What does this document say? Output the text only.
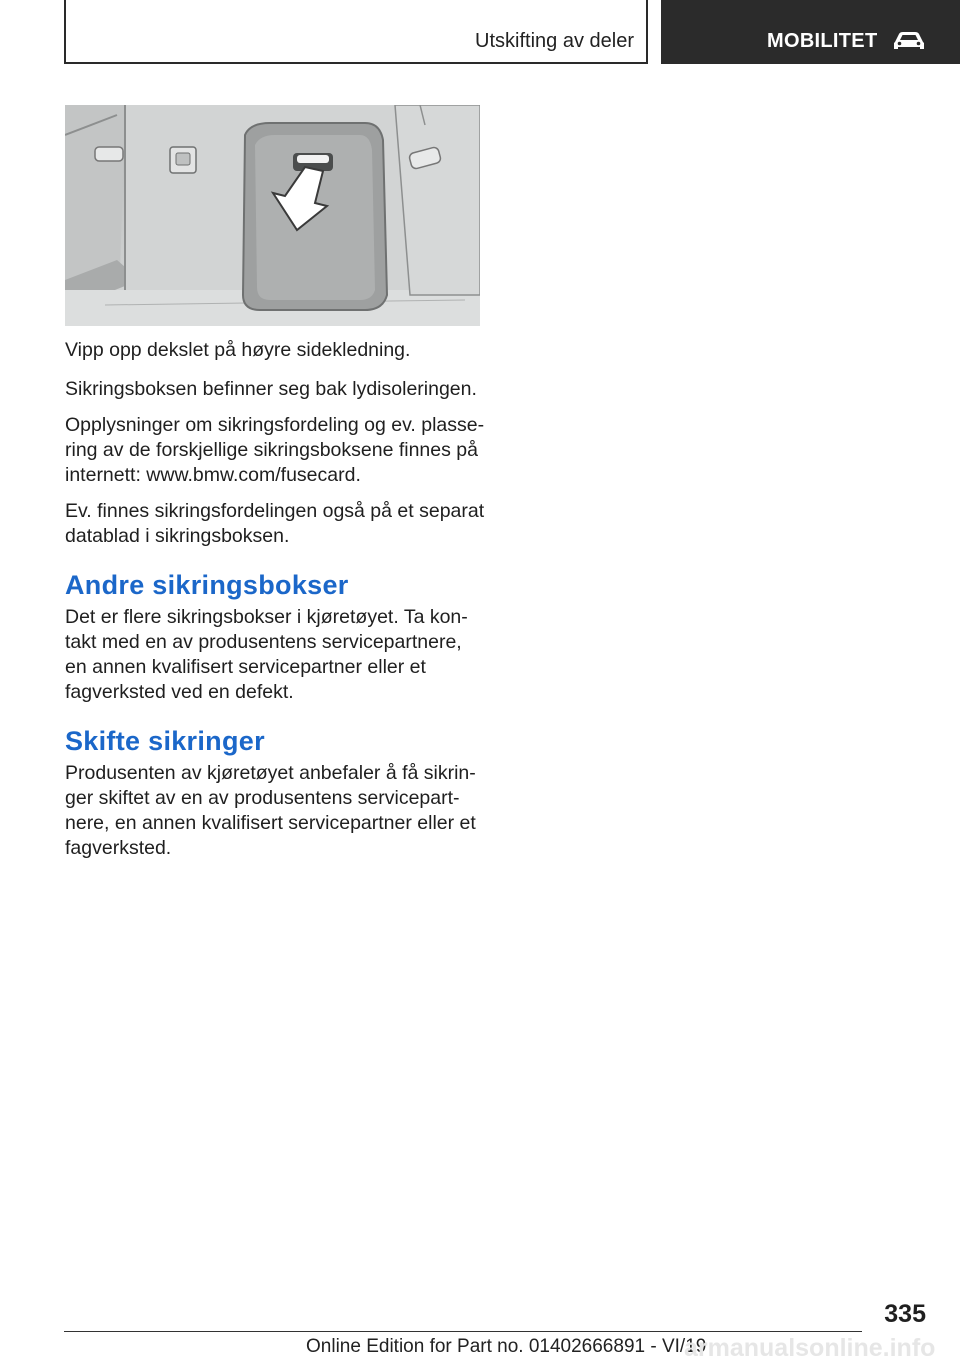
Utskifting av deler	MOBILITET

Vipp opp dekslet på høyre sidekledning.

Sikringsboksen befinner seg bak lydisoleringen.

Opplysninger om sikringsfordeling og ev. plassering av de forskjellige sikringsboksene finnes på internett: www.bmw.com/fusecard.

Ev. finnes sikringsfordelingen også på et separat datablad i sikringsboksen.

Andre sikringsbokser

Det er flere sikringsbokser i kjøretøyet. Ta kontakt med en av produsentens servicepartnere, en annen kvalifisert servicepartner eller et fagverksted ved en defekt.

Skifte sikringer

Produsenten av kjøretøyet anbefaler å få sikringer skiftet av en av produsentens servicepartnere, en annen kvalifisert servicepartner eller et fagverksted.

335
Online Edition for Part no. 01402666891 - VI/19
armanualsonline.info
